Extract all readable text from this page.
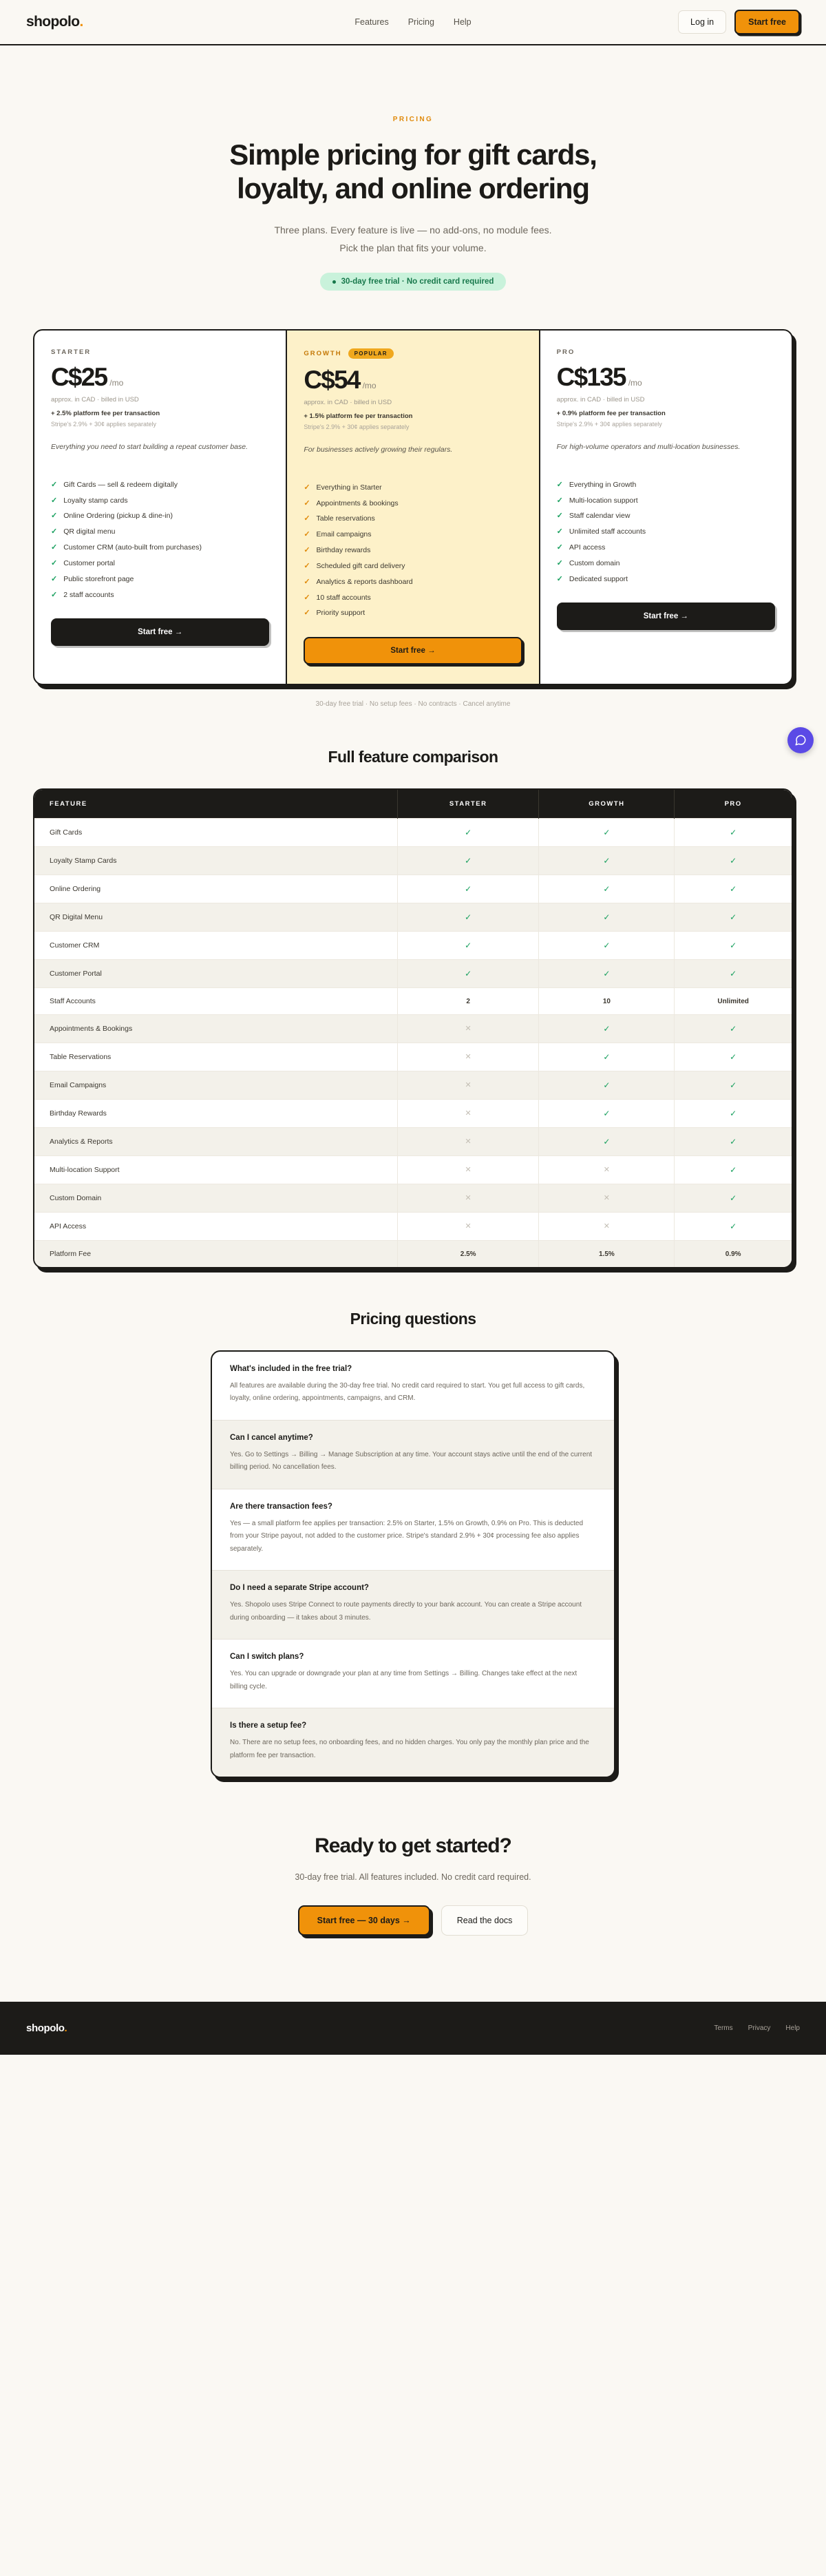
shopolo.	Features Pricing Help	Log in	Start free
PRICING
Simple pricing for gift cards,
loyalty, and online ordering
Three plans. Every feature is live — no add-ons, no module fees.
Pick the plan that fits your volume.
30-day free trial · No credit card required
STARTER
C$25 /mo
approx. in CAD · billed in USD
+ 2.5% platform fee per transaction
Stripe's 2.9% + 30¢ applies separately
Everything you need to start building a repeat customer base.
✓ Gift Cards — sell & redeem digitally
✓ Loyalty stamp cards
✓ Online Ordering (pickup & dine-in)
✓ QR digital menu
✓ Customer CRM (auto-built from purchases)
✓ Customer portal
✓ Public storefront page
✓ 2 staff accounts
Start free →
GROWTH	POPULAR
C$54 /mo
approx. in CAD · billed in USD
+ 1.5% platform fee per transaction
Stripe's 2.9% + 30¢ applies separately
For businesses actively growing their regulars.
✓ Everything in Starter
✓ Appointments & bookings
✓ Table reservations
✓ Email campaigns
✓ Birthday rewards
✓ Scheduled gift card delivery
✓ Analytics & reports dashboard
✓ 10 staff accounts
✓ Priority support
Start free →
PRO
C$135 /mo
approx. in CAD · billed in USD
+ 0.9% platform fee per transaction
Stripe's 2.9% + 30¢ applies separately
For high-volume operators and multi-location businesses.
✓ Everything in Growth
✓ Multi-location support
✓ Staff calendar view
✓ Unlimited staff accounts
✓ API access
✓ Custom domain
✓ Dedicated support
Start free →
30-day free trial · No setup fees · No contracts · Cancel anytime
Full feature comparison
FEATURE	STARTER	GROWTH	PRO
Gift Cards	✓	✓	✓
Loyalty Stamp Cards	✓	✓	✓
Online Ordering	✓	✓	✓
QR Digital Menu	✓	✓	✓
Customer CRM	✓	✓	✓
Customer Portal	✓	✓	✓
Staff Accounts	2	10	Unlimited
Appointments & Bookings	✕	✓	✓
Table Reservations	✕	✓	✓
Email Campaigns	✕	✓	✓
Birthday Rewards	✕	✓	✓
Analytics & Reports	✕	✓	✓
Multi-location Support	✕	✕	✓
Custom Domain	✕	✕	✓
API Access	✕	✕	✓
Platform Fee	2.5%	1.5%	0.9%
Pricing questions
What's included in the free trial?
All features are available during the 30-day free trial. No credit card required to start. You get full access to gift cards, loyalty, online ordering, appointments, campaigns, and CRM.
Can I cancel anytime?
Yes. Go to Settings → Billing → Manage Subscription at any time. Your account stays active until the end of the current billing period. No cancellation fees.
Are there transaction fees?
Yes — a small platform fee applies per transaction: 2.5% on Starter, 1.5% on Growth, 0.9% on Pro. This is deducted from your Stripe payout, not added to the customer price. Stripe's standard 2.9% + 30¢ processing fee also applies separately.
Do I need a separate Stripe account?
Yes. Shopolo uses Stripe Connect to route payments directly to your bank account. You can create a Stripe account during onboarding — it takes about 3 minutes.
Can I switch plans?
Yes. You can upgrade or downgrade your plan at any time from Settings → Billing. Changes take effect at the next billing cycle.
Is there a setup fee?
No. There are no setup fees, no onboarding fees, and no hidden charges. You only pay the monthly plan price and the platform fee per transaction.
Ready to get started?
30-day free trial. All features included. No credit card required.
Start free — 30 days →	Read the docs
shopolo.	Terms Privacy Help
